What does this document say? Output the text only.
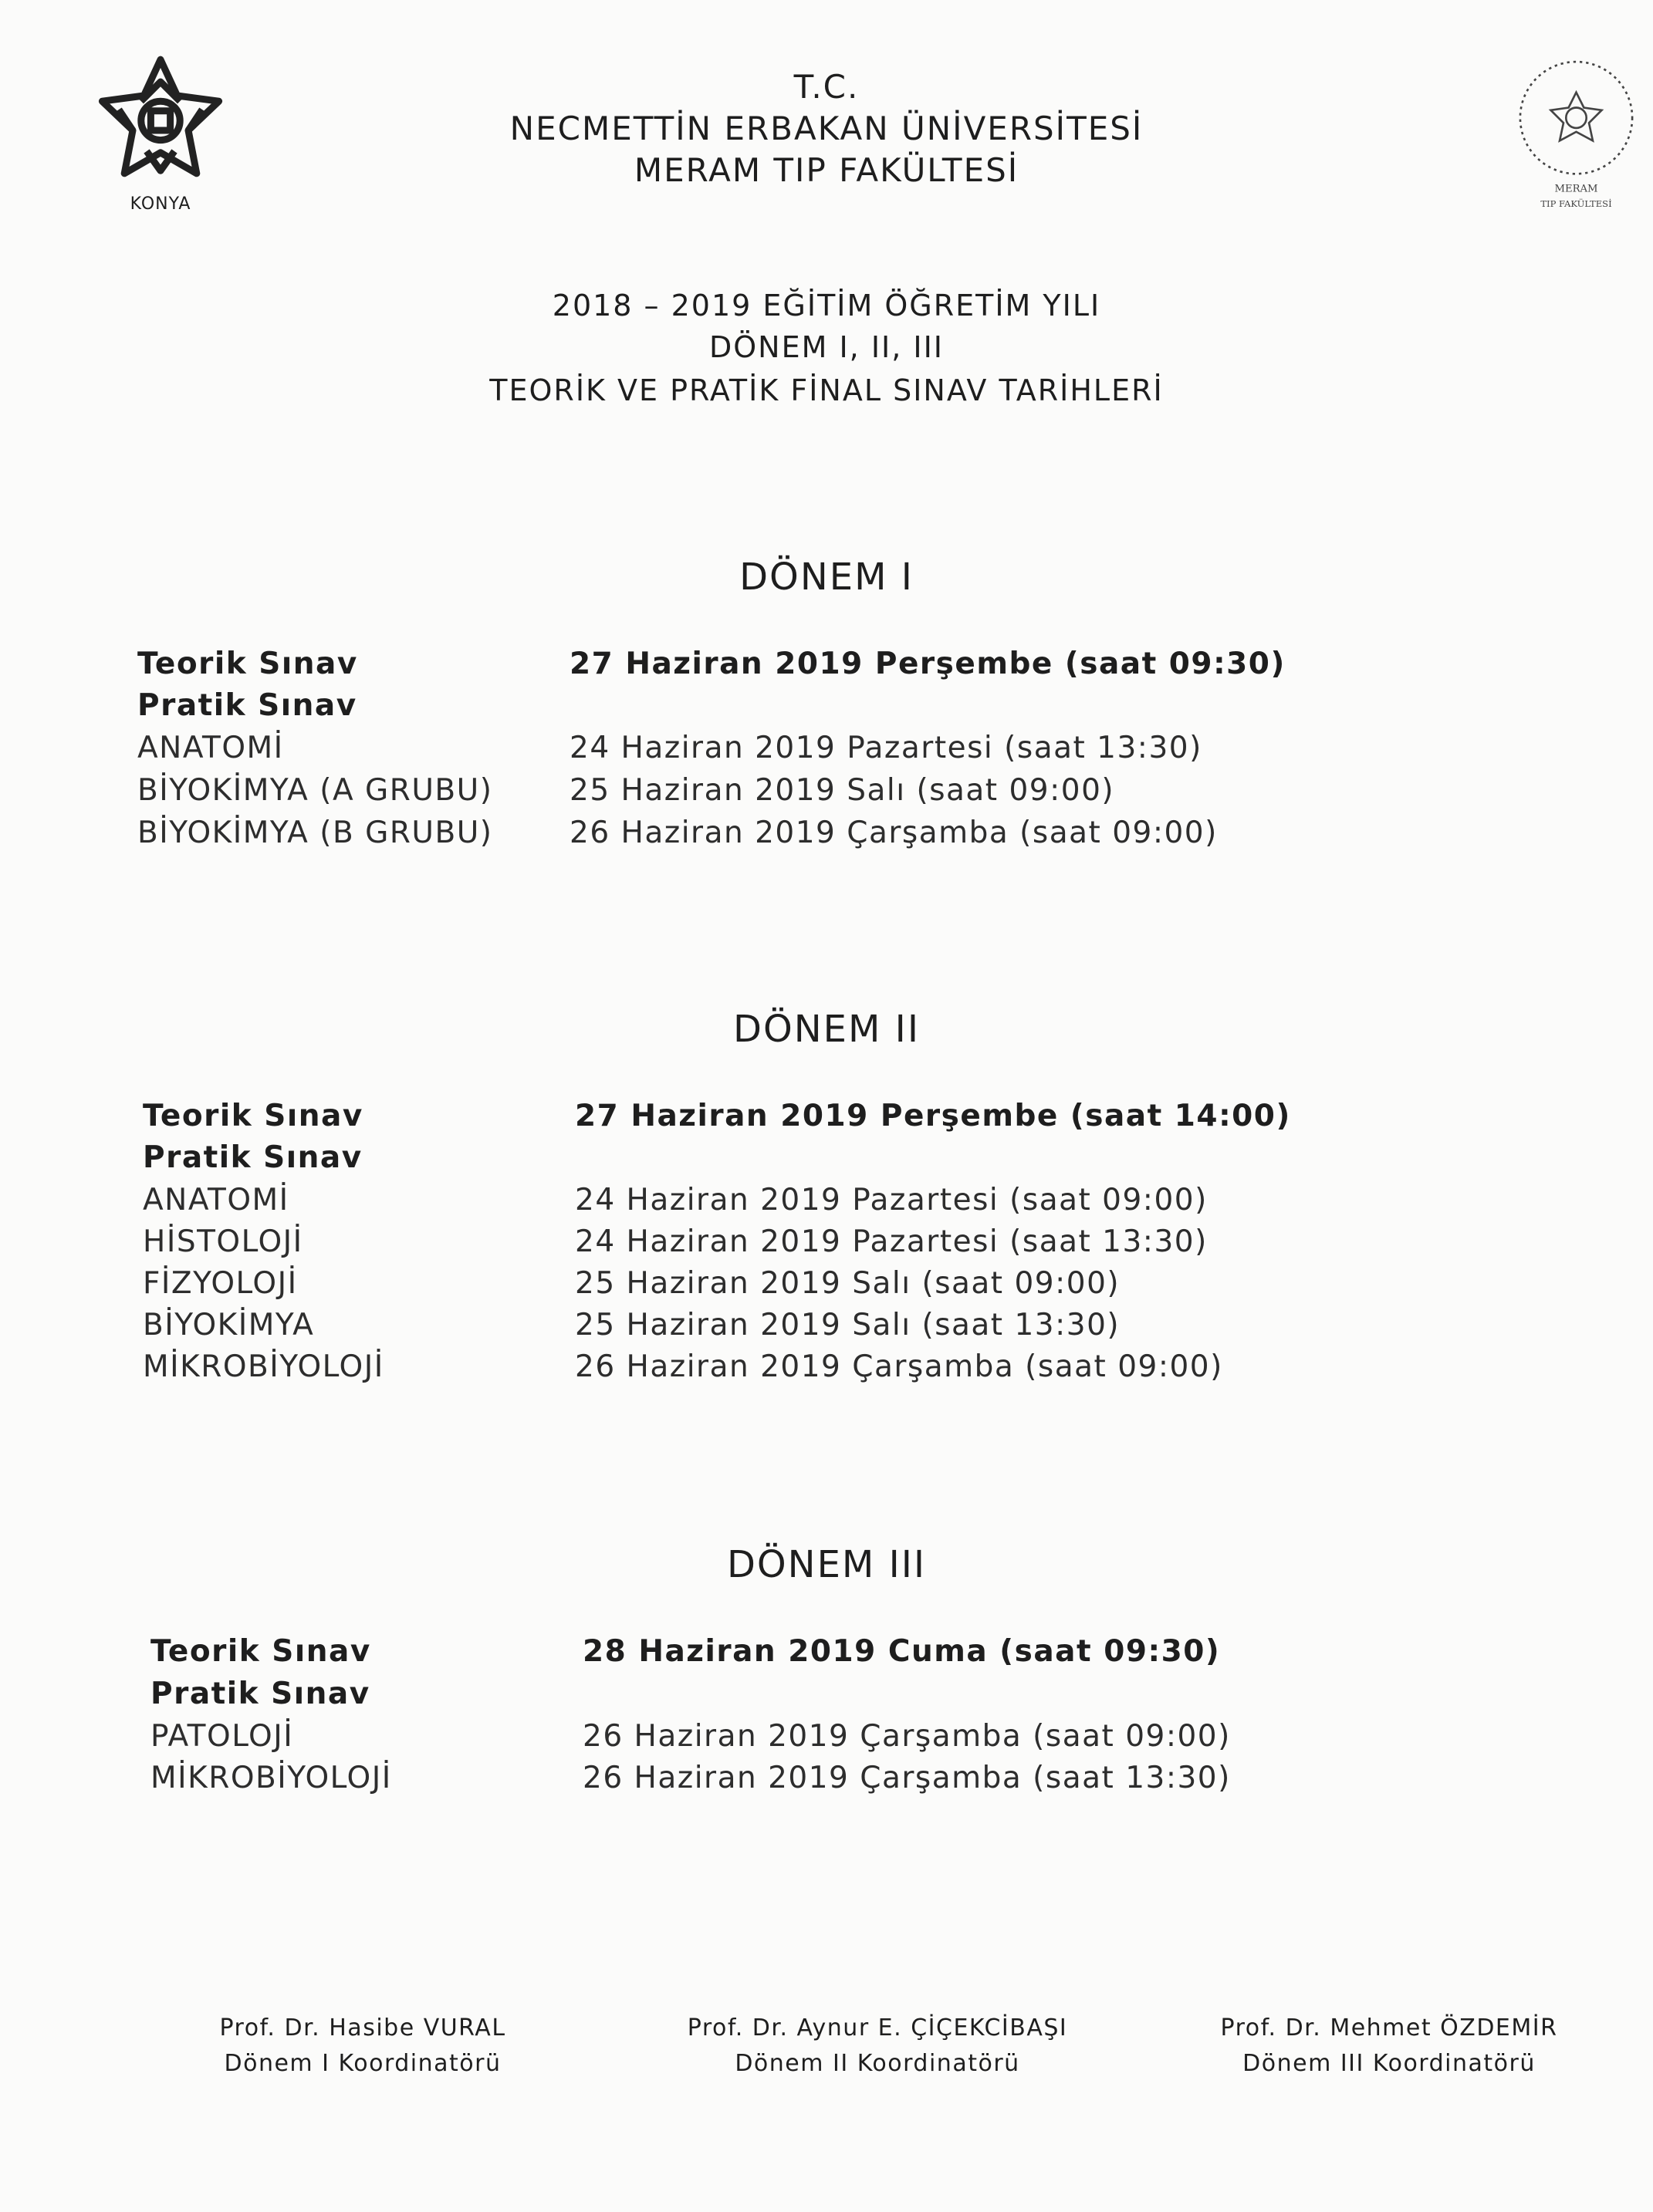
KONYA
MERAM
TIP FAKÜLTESİ
T.C.
NECMETTİN ERBAKAN ÜNİVERSİTESİ
MERAM TIP FAKÜLTESİ
2018 – 2019 EĞİTİM ÖĞRETİM YILI
DÖNEM I, II, III
TEORİK VE PRATİK FİNAL SINAV TARİHLERİ
DÖNEM I
Teorik Sınav	27 Haziran 2019 Perşembe (saat 09:30)
Pratik Sınav
ANATOMİ	24 Haziran 2019 Pazartesi (saat 13:30)
BİYOKİMYA (A GRUBU)	25 Haziran 2019 Salı (saat 09:00)
BİYOKİMYA (B GRUBU)	26 Haziran 2019 Çarşamba (saat 09:00)
DÖNEM II
Teorik Sınav	27 Haziran 2019 Perşembe (saat 14:00)
Pratik Sınav
ANATOMİ	24 Haziran 2019 Pazartesi (saat 09:00)
HİSTOLOJİ	24 Haziran 2019 Pazartesi (saat 13:30)
FİZYOLOJİ	25 Haziran 2019 Salı (saat 09:00)
BİYOKİMYA	25 Haziran 2019 Salı (saat 13:30)
MİKROBİYOLOJİ	26 Haziran 2019 Çarşamba (saat 09:00)
DÖNEM III
Teorik Sınav	28 Haziran 2019 Cuma (saat 09:30)
Pratik Sınav
PATOLOJİ	26 Haziran 2019 Çarşamba (saat 09:00)
MİKROBİYOLOJİ	26 Haziran 2019 Çarşamba (saat 13:30)
Prof. Dr. Hasibe VURAL
Dönem I Koordinatörü
Prof. Dr. Aynur E. ÇİÇEKCİBAŞI
Dönem II Koordinatörü
Prof. Dr. Mehmet ÖZDEMİR
Dönem III Koordinatörü
